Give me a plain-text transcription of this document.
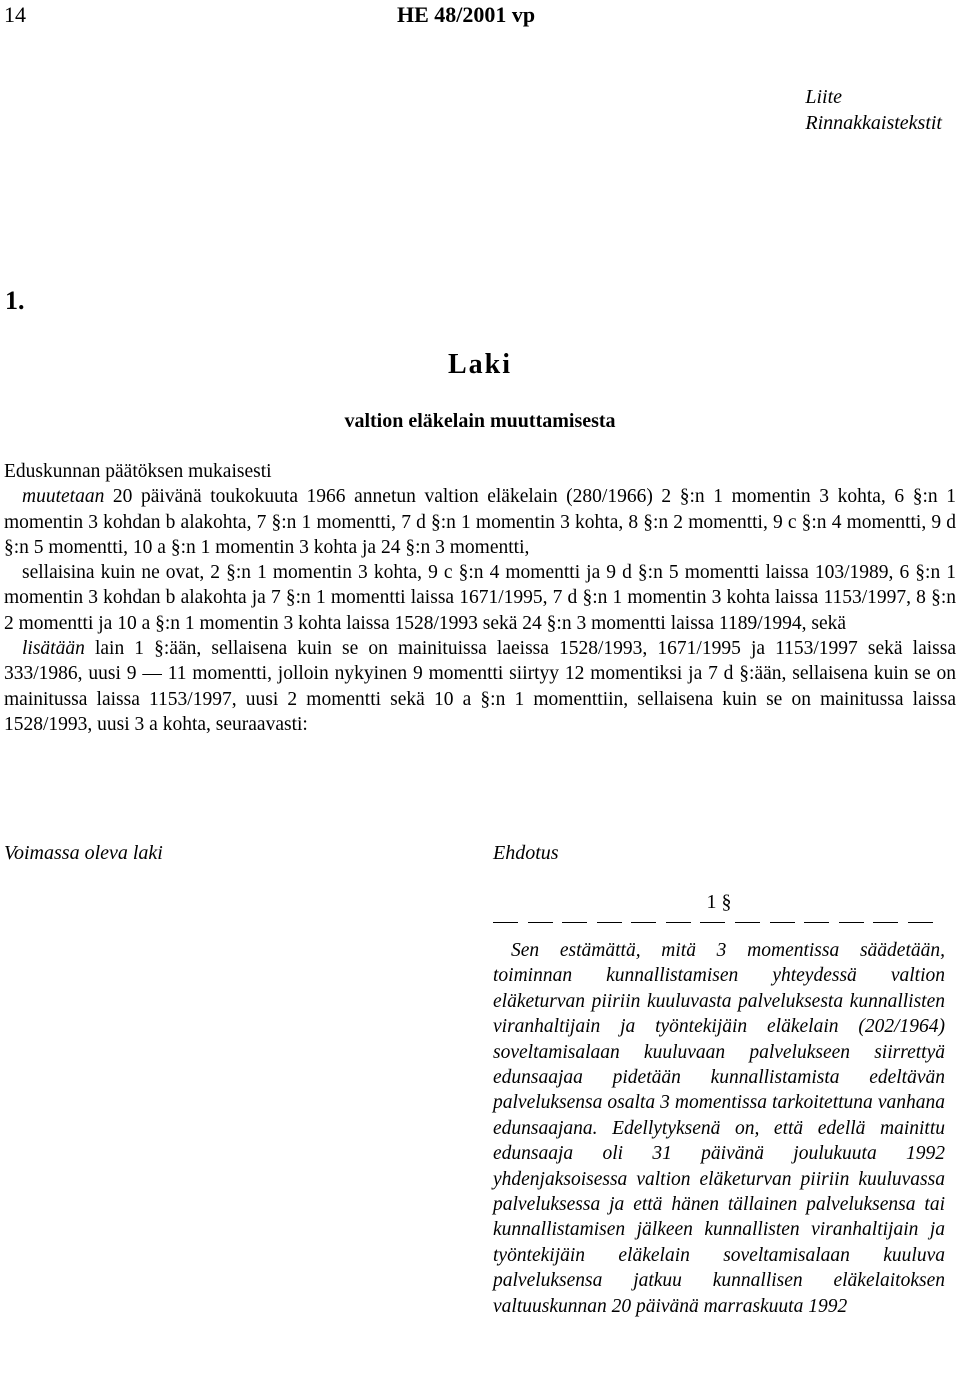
14	HE 48/2001 vp
Liite
Rinnakkaistekstit
1.
Laki
valtion eläkelain muuttamisesta

Eduskunnan päätöksen mukaisesti

muutetaan 20 päivänä toukokuuta 1966 annetun valtion eläkelain (280/1966) 2 §:n 1 momentin 3 kohta, 6 §:n 1 momentin 3 kohdan b alakohta, 7 §:n 1 momentti, 7 d §:n 1 momentin 3 kohta, 8 §:n 2 momentti, 9 c §:n 4 momentti, 9 d §:n 5 momentti, 10 a §:n 1 momentin 3 kohta ja 24 §:n 3 momentti,

sellaisina kuin ne ovat, 2 §:n 1 momentin 3 kohta, 9 c §:n 4 momentti ja 9 d §:n 5 momentti laissa 103/1989, 6 §:n 1 momentin 3 kohdan b alakohta ja 7 §:n 1 momentti laissa 1671/1995, 7 d §:n 1 momentin 3 kohta laissa 1153/1997, 8 §:n 2 momentti ja 10 a §:n 1 momentin 3 kohta laissa 1528/1993 sekä 24 §:n 3 momentti laissa 1189/1994, sekä

lisätään lain 1 §:ään, sellaisena kuin se on mainituissa laeissa 1528/1993, 1671/1995 ja 1153/1997 sekä laissa 333/1986, uusi 9 — 11 momentti, jolloin nykyinen 9 momentti siirtyy 12 momentiksi ja 7 d §:ään, sellaisena kuin se on mainitussa laissa 1153/1997, uusi 2 momentti sekä 10 a §:n 1 momenttiin, sellaisena kuin se on mainitussa laissa 1528/1993, uusi 3 a kohta, seuraavasti:

Voimassa oleva laki	Ehdotus
1 §
Sen estämättä, mitä 3 momentissa säädetään, toiminnan kunnallistamisen yhteydessä valtion eläketurvan piiriin kuuluvasta palveluksesta kunnallisten viranhaltijain ja työntekijäin eläkelain (202/1964) soveltamisalaan kuuluvaan palvelukseen siirrettyä edunsaajaa pidetään kunnallistamista edeltävän palveluksensa osalta 3 momentissa tarkoitettuna vanhana edunsaajana. Edellytyksenä on, että edellä mainittu edunsaaja oli 31 päivänä joulukuuta 1992 yhdenjaksoisessa valtion eläketurvan piiriin kuuluvassa palveluksessa ja että hänen tällainen palveluksensa tai kunnallistamisen jälkeen kunnallisten viranhaltijain ja työntekijäin eläkelain soveltamisalaan kuuluva palveluksensa jatkuu kunnallisen eläkelaitoksen valtuuskunnan 20 päivänä marraskuuta 1992
